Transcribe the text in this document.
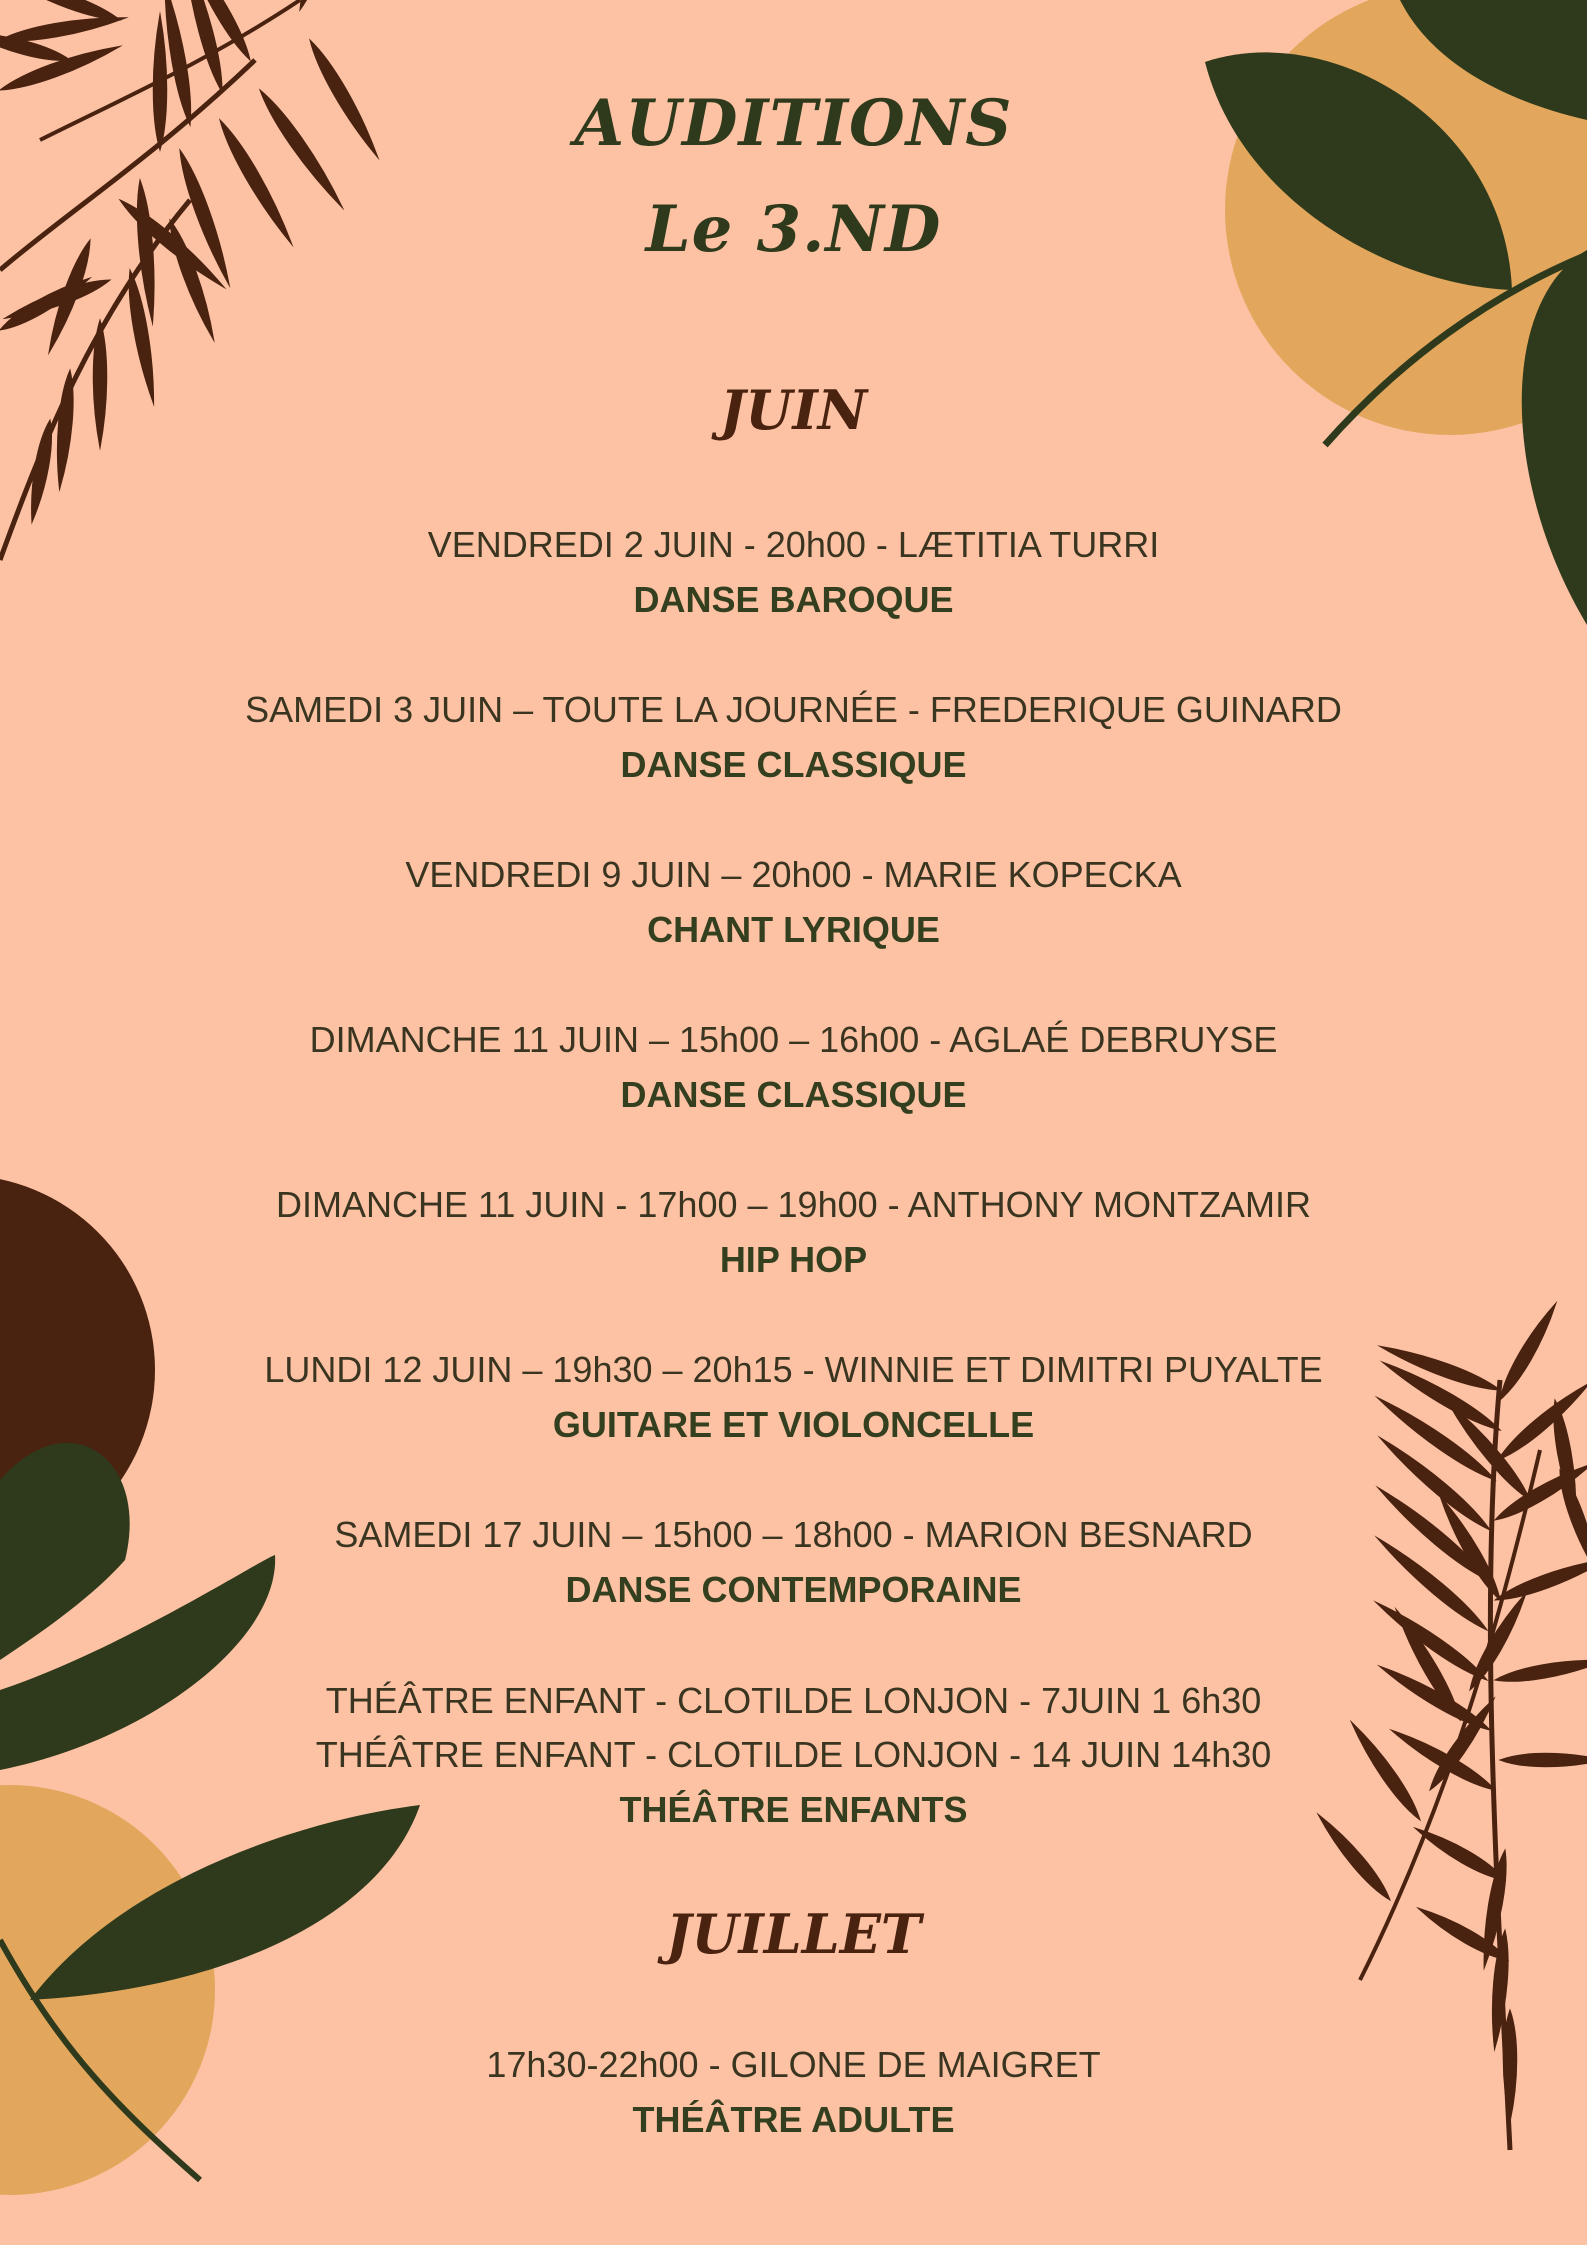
AUDITIONS
Le 3.ND
JUIN
VENDREDI 2 JUIN - 20h00 - LÆTITIA TURRI
DANSE BAROQUE
SAMEDI 3 JUIN – TOUTE LA JOURNÉE - FREDERIQUE GUINARD
DANSE CLASSIQUE
VENDREDI 9 JUIN – 20h00 - MARIE KOPECKA
CHANT LYRIQUE
DIMANCHE 11 JUIN – 15h00 – 16h00 - AGLAÉ DEBRUYSE
DANSE CLASSIQUE
DIMANCHE 11 JUIN - 17h00 – 19h00 - ANTHONY MONTZAMIR
HIP HOP
LUNDI 12 JUIN – 19h30 – 20h15 - WINNIE ET DIMITRI PUYALTE
GUITARE ET VIOLONCELLE
SAMEDI 17 JUIN – 15h00 – 18h00 - MARION BESNARD
DANSE CONTEMPORAINE
THÉÂTRE ENFANT - CLOTILDE LONJON - 7JUIN 1 6h30
THÉÂTRE ENFANT - CLOTILDE LONJON - 14 JUIN 14h30
THÉÂTRE ENFANTS
JUILLET
17h30-22h00 - GILONE DE MAIGRET
THÉÂTRE ADULTE
